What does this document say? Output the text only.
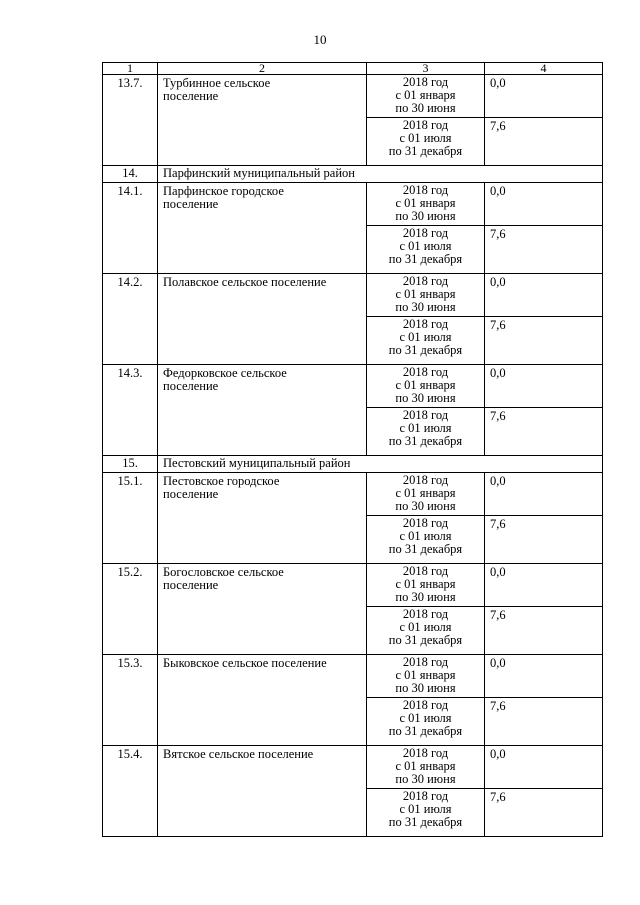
10
1	2	3	4
13.7.	Турбинное сельское
поселение	2018 год
с 01 января
по 30 июня	0,0

		2018 год
с 01 июля
по 31 декабря	7,6
14.	Парфинский муниципальный район		
14.1.	Парфинское городское
поселение	2018 год
с 01 января
по 30 июня	0,0

		2018 год
с 01 июля
по 31 декабря	7,6
14.2.	Полавское сельское поселение	2018 год
с 01 января
по 30 июня	0,0

		2018 год
с 01 июля
по 31 декабря	7,6
14.3.	Федорковское сельское
поселение	2018 год
с 01 января
по 30 июня	0,0

		2018 год
с 01 июля
по 31 декабря	7,6
15.	Пестовский муниципальный район		
15.1.	Пестовское городское
поселение	2018 год
с 01 января
по 30 июня	0,0

		2018 год
с 01 июля
по 31 декабря	7,6
15.2.	Богословское сельское
поселение	2018 год
с 01 января
по 30 июня	0,0

		2018 год
с 01 июля
по 31 декабря	7,6
15.3.	Быковское сельское поселение	2018 год
с 01 января
по 30 июня	0,0

		2018 год
с 01 июля
по 31 декабря	7,6
15.4.	Вятское сельское поселение	2018 год
с 01 января
по 30 июня	0,0

		2018 год
с 01 июля
по 31 декабря	7,6
